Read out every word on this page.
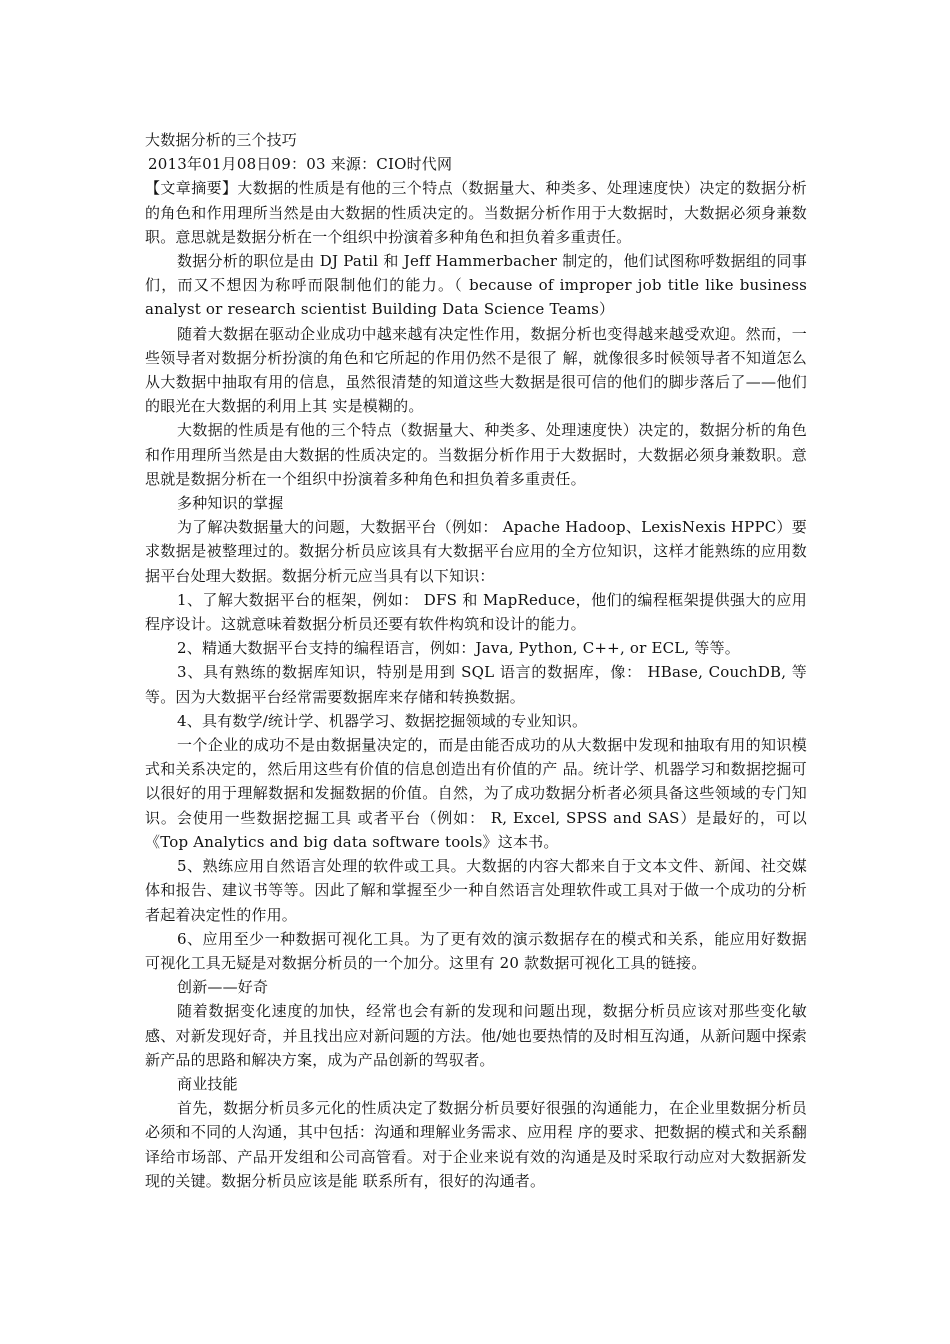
大数据分析的三个技巧

2013年01月08日09：03 来源：CIO时代网

【文章摘要】大数据的性质是有他的三个特点（数据量大、种类多、处理速度快）决定的数据分析的角色和作用理所当然是由大数据的性质决定的。当数据分析作用于大数据时，大数据必须身兼数职。意思就是数据分析在一个组织中扮演着多种角色和担负着多重责任。

数据分析的职位是由 DJ Patil 和 Jeff Hammerbacher 制定的，他们试图称呼数据组的同事们，而又不想因为称呼而限制他们的能力。（ because of improper job title like business analyst or research scientist Building Data Science Teams）

随着大数据在驱动企业成功中越来越有决定性作用，数据分析也变得越来越受欢迎。然而，一些领导者对数据分析扮演的角色和它所起的作用仍然不是很了 解，就像很多时候领导者不知道怎么从大数据中抽取有用的信息，虽然很清楚的知道这些大数据是很可信的他们的脚步落后了——他们的眼光在大数据的利用上其 实是模糊的。

大数据的性质是有他的三个特点（数据量大、种类多、处理速度快）决定的，数据分析的角色和作用理所当然是由大数据的性质决定的。当数据分析作用于大数据时，大数据必须身兼数职。意思就是数据分析在一个组织中扮演着多种角色和担负着多重责任。

多种知识的掌握

为了解决数据量大的问题，大数据平台（例如： Apache Hadoop、LexisNexis HPPC）要求数据是被整理过的。数据分析员应该具有大数据平台应用的全方位知识，这样才能熟练的应用数据平台处理大数据。数据分析元应当具有以下知识：

1、了解大数据平台的框架，例如： DFS 和 MapReduce，他们的编程框架提供强大的应用程序设计。这就意味着数据分析员还要有软件构筑和设计的能力。

2、精通大数据平台支持的编程语言，例如：Java, Python, C++, or ECL, 等等。

3、具有熟练的数据库知识，特别是用到 SQL 语言的数据库，像： HBase, CouchDB, 等等。因为大数据平台经常需要数据库来存储和转换数据。

4、具有数学/统计学、机器学习、数据挖掘领域的专业知识。

一个企业的成功不是由数据量决定的，而是由能否成功的从大数据中发现和抽取有用的知识模式和关系决定的，然后用这些有价值的信息创造出有价值的产 品。统计学、机器学习和数据挖掘可以很好的用于理解数据和发掘数据的价值。自然，为了成功数据分析者必须具备这些领域的专门知识。会使用一些数据挖掘工具 或者平台（例如： R, Excel, SPSS and SAS）是最好的，可以《Top Analytics and big data software tools》这本书。

5、熟练应用自然语言处理的软件或工具。大数据的内容大都来自于文本文件、新闻、社交媒体和报告、建议书等等。因此了解和掌握至少一种自然语言处理软件或工具对于做一个成功的分析者起着决定性的作用。

6、应用至少一种数据可视化工具。为了更有效的演示数据存在的模式和关系，能应用好数据可视化工具无疑是对数据分析员的一个加分。这里有 20 款数据可视化工具的链接。

创新——好奇

随着数据变化速度的加快，经常也会有新的发现和问题出现，数据分析员应该对那些变化敏感、对新发现好奇，并且找出应对新问题的方法。他/她也要热情的及时相互沟通，从新问题中探索新产品的思路和解决方案，成为产品创新的驾驭者。

商业技能

首先，数据分析员多元化的性质决定了数据分析员要好很强的沟通能力，在企业里数据分析员必须和不同的人沟通，其中包括：沟通和理解业务需求、应用程 序的要求、把数据的模式和关系翻译给市场部、产品开发组和公司高管看。对于企业来说有效的沟通是及时采取行动应对大数据新发现的关键。数据分析员应该是能 联系所有，很好的沟通者。
